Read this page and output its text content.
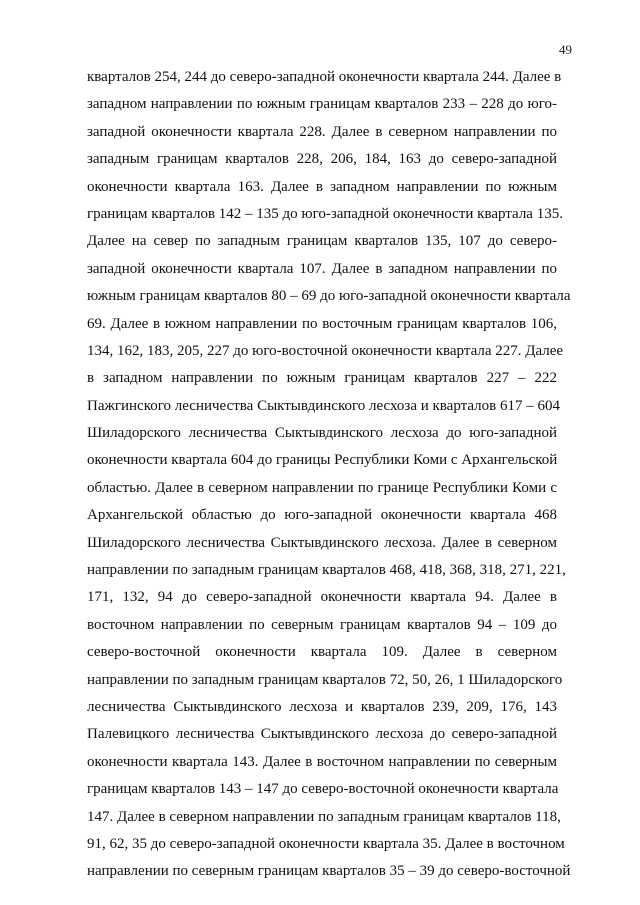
49
кварталов 254, 244 до северо-западной оконечности квартала 244. Далее в
западном направлении по южным границам кварталов 233 – 228 до юго-
западной оконечности квартала 228. Далее в северном направлении по
западным границам кварталов 228, 206, 184, 163 до северо-западной
оконечности квартала 163. Далее в западном направлении по южным
границам кварталов 142 – 135 до юго-западной оконечности квартала 135.
Далее на север по западным границам кварталов 135, 107 до северо-
западной оконечности квартала 107. Далее в западном направлении по
южным границам кварталов 80 – 69 до юго-западной оконечности квартала
69. Далее в южном направлении по восточным границам кварталов 106,
134, 162, 183, 205, 227 до юго-восточной оконечности квартала 227. Далее
в западном направлении по южным границам кварталов 227 – 222
Пажгинского лесничества Сыктывдинского лесхоза и кварталов 617 – 604
Шиладорского лесничества Сыктывдинского лесхоза до юго-западной
оконечности квартала 604 до границы Республики Коми с Архангельской
областью. Далее в северном направлении по границе Республики Коми с
Архангельской областью до юго-западной оконечности квартала 468
Шиладорского лесничества Сыктывдинского лесхоза. Далее в северном
направлении по западным границам кварталов 468, 418, 368, 318, 271, 221,
171, 132, 94 до северо-западной оконечности квартала 94. Далее в
восточном направлении по северным границам кварталов 94 – 109 до
северо-восточной оконечности квартала 109. Далее в северном
направлении по западным границам кварталов 72, 50, 26, 1 Шиладорского
лесничества Сыктывдинского лесхоза и кварталов 239, 209, 176, 143
Палевицкого лесничества Сыктывдинского лесхоза до северо-западной
оконечности квартала 143. Далее в восточном направлении по северным
границам кварталов 143 – 147 до северо-восточной оконечности квартала
147. Далее в северном направлении по западным границам кварталов 118,
91, 62, 35 до северо-западной оконечности квартала 35. Далее в восточном
направлении по северным границам кварталов 35 – 39 до северо-восточной
